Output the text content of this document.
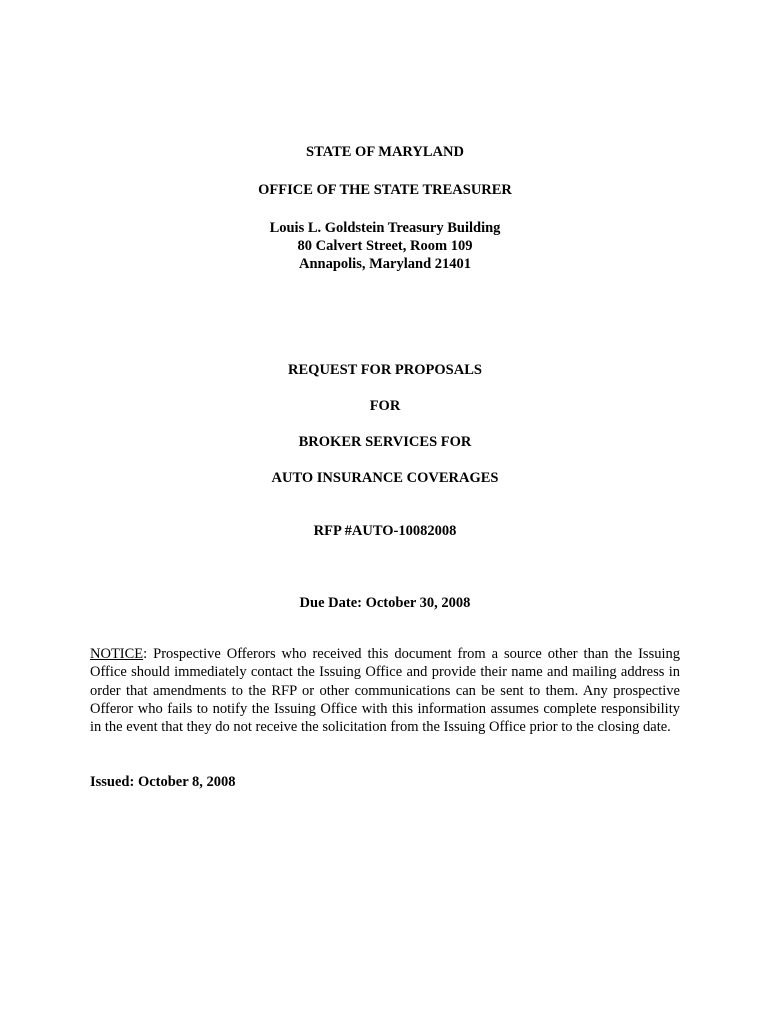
STATE OF MARYLAND
OFFICE OF THE STATE TREASURER
Louis L. Goldstein Treasury Building
80 Calvert Street, Room 109
Annapolis, Maryland 21401
REQUEST FOR PROPOSALS
FOR
BROKER SERVICES FOR
AUTO INSURANCE COVERAGES
RFP #AUTO-10082008
Due Date: October 30, 2008
NOTICE: Prospective Offerors who received this document from a source other than the Issuing Office should immediately contact the Issuing Office and provide their name and mailing address in order that amendments to the RFP or other communications can be sent to them. Any prospective Offeror who fails to notify the Issuing Office with this information assumes complete responsibility in the event that they do not receive the solicitation from the Issuing Office prior to the closing date.
Issued: October 8, 2008
